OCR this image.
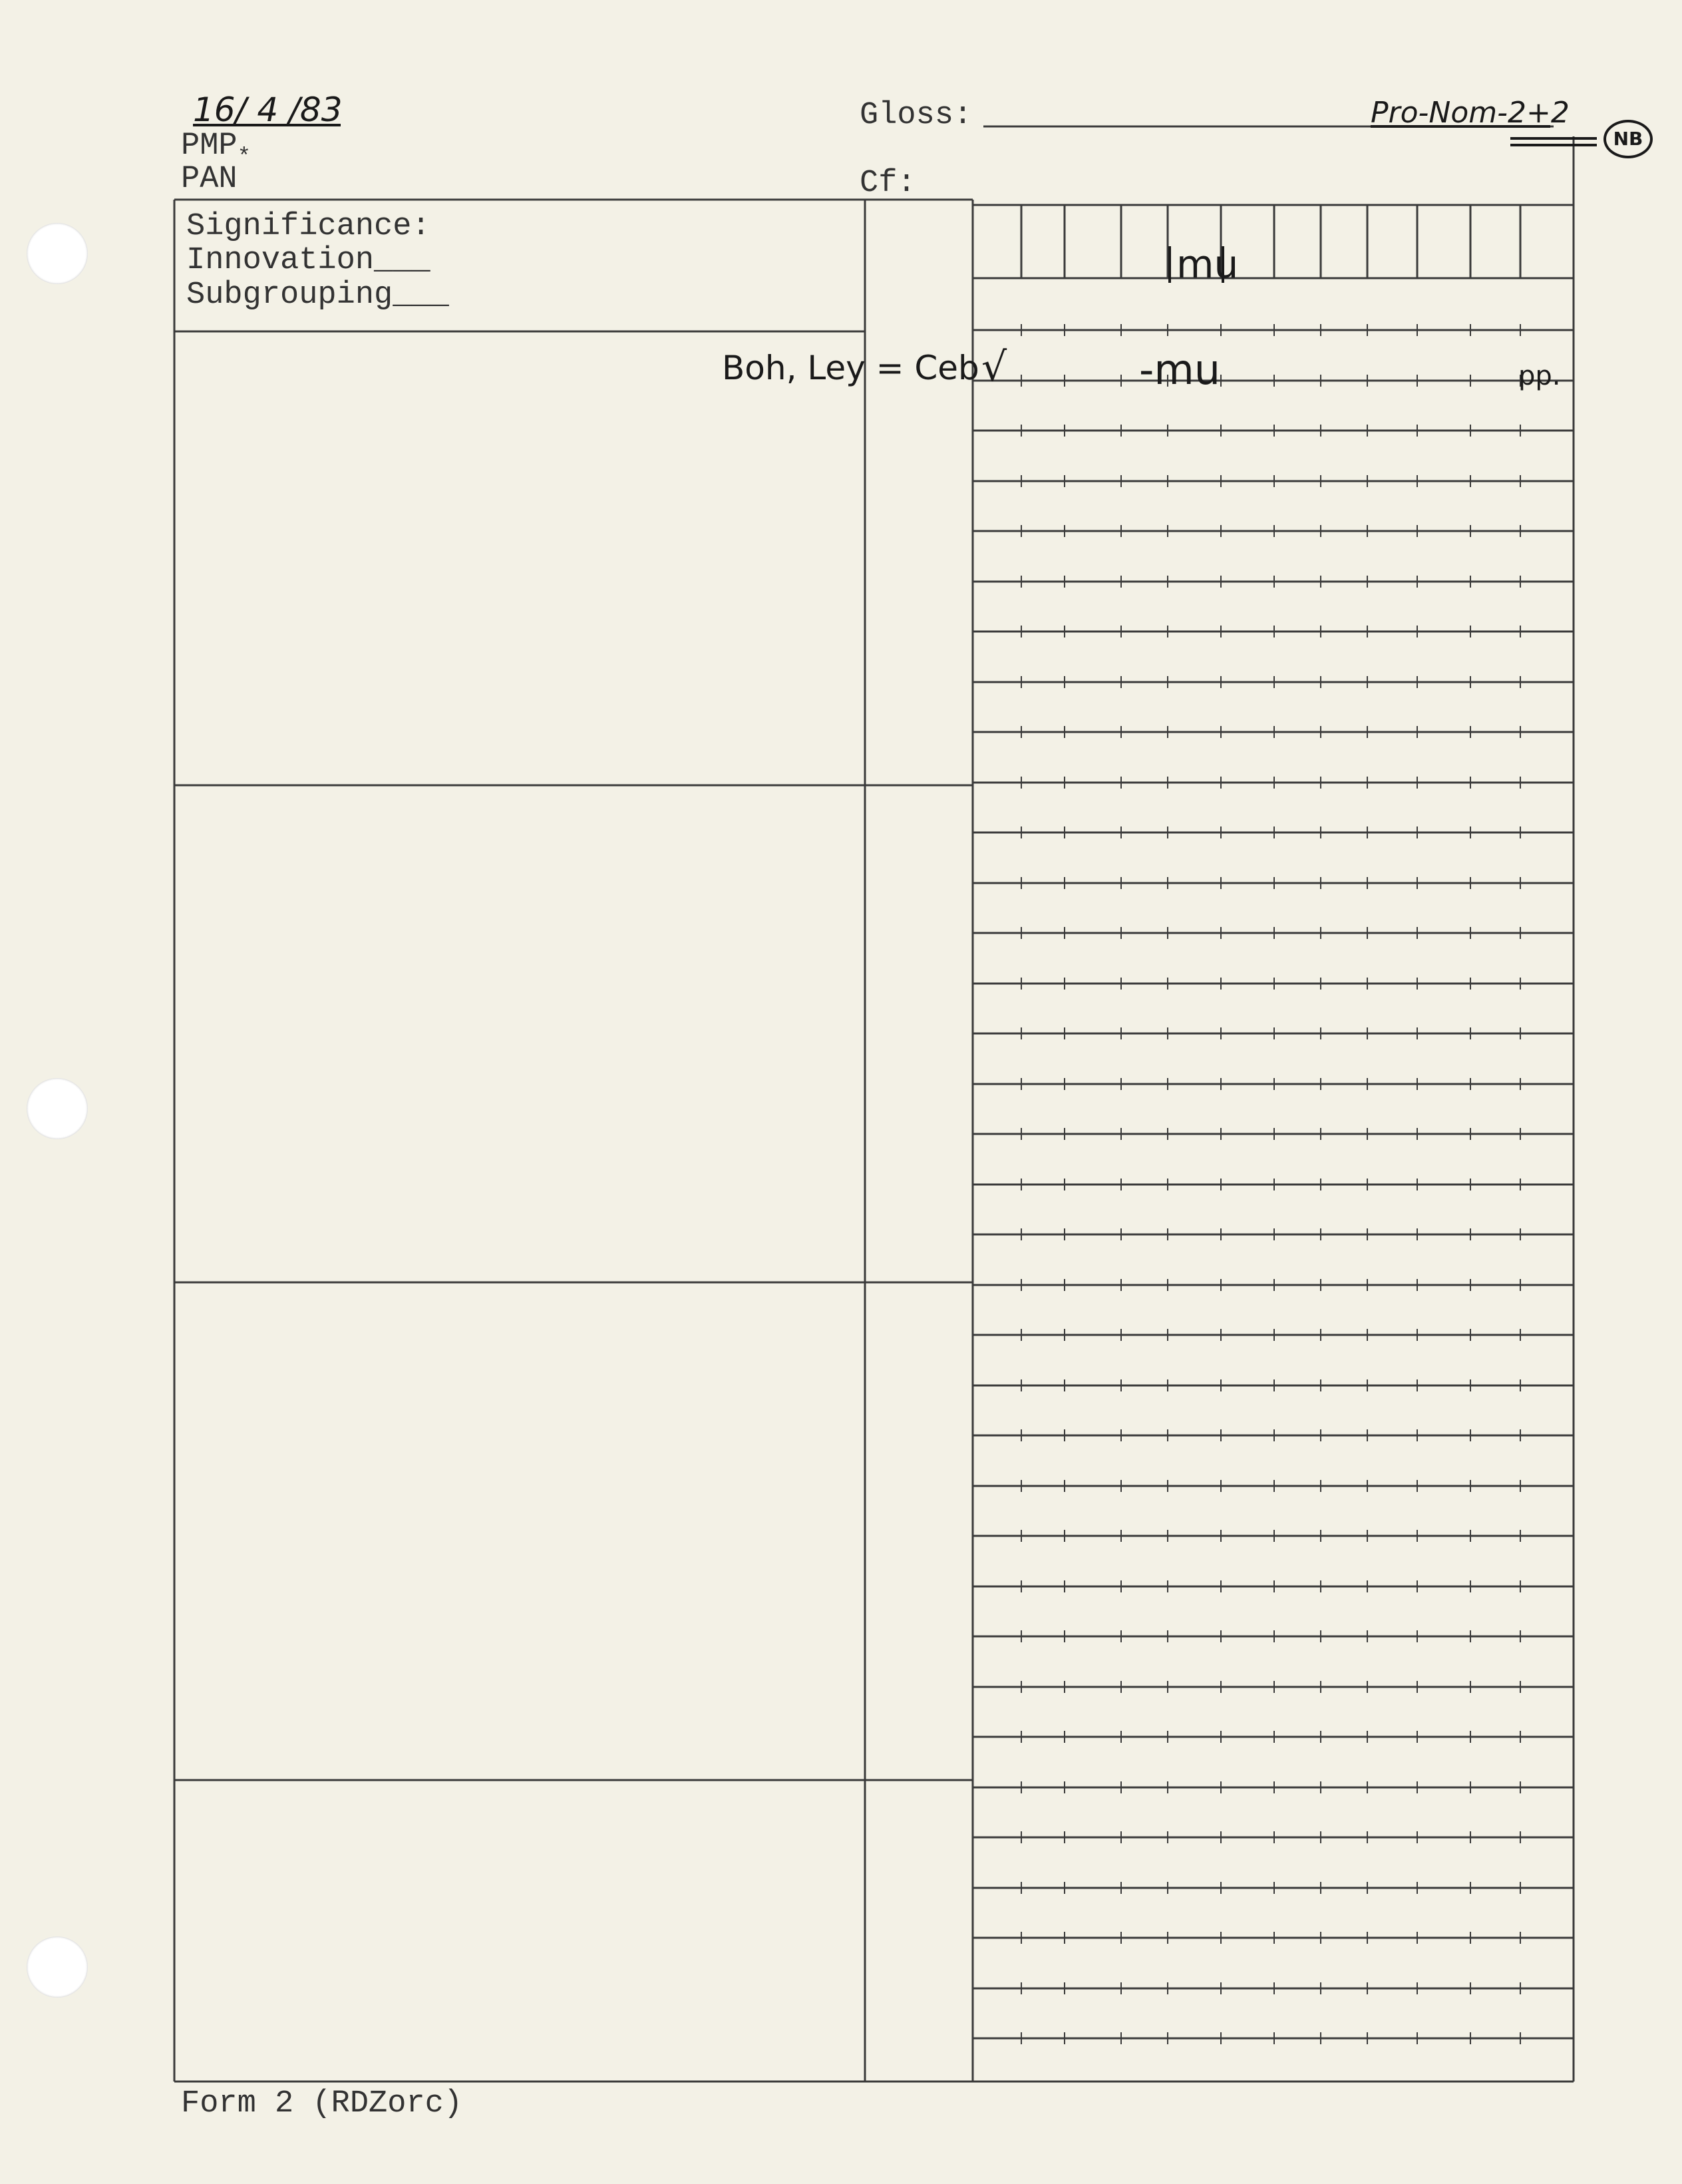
16/ 4 /83
$PMP_*$
PAN
Gloss:	Pro-Nom-2+2
NB
Cf:
Significance:
Innovation___
Subgrouping___
Boh, Ley = Ceb
mu
√	-mu	pp.
Form 2 (RDZorc)
